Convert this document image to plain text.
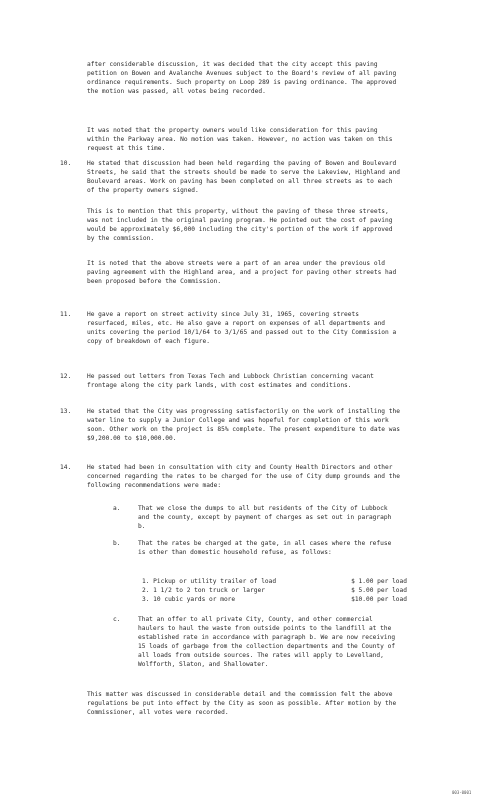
after considerable discussion, it was decided that the city accept this paving petition on Bowen and Avalanche Avenues subject to the Board's review of all paving ordinance requirements. Such property on Loop 289 is paving ordinance. The approved the motion was passed, all votes being recorded.

It was noted that the property owners would like consideration for this paving within the Parkway area. No motion was taken. However, no action was taken on this request at this time.

10.	He stated that discussion had been held regarding the paving of Bowen and Boulevard Streets, he said that the streets should be made to serve the Lakeview, Highland and Boulevard areas. Work on paving has been completed on all three streets as to each of the property owners signed.

This is to mention that this property, without the paving of these three streets, was not included in the original paving program. He pointed out the cost of paving would be approximately $6,000 including the city's portion of the work if approved by the commission.

It is noted that the above streets were a part of an area under the previous old paving agreement with the Highland area, and a project for paving other streets had been proposed before the Commission.

11.	He gave a report on street activity since July 31, 1965, covering streets resurfaced, miles, etc. He also gave a report on expenses of all departments and units covering the period 10/1/64 to 3/1/65 and passed out to the City Commission a copy of breakdown of each figure.

12.	He passed out letters from Texas Tech and Lubbock Christian concerning vacant frontage along the city park lands, with cost estimates and conditions.

13.	He stated that the City was progressing satisfactorily on the work of installing the water line to supply a Junior College and was hopeful for completion of this work soon. Other work on the project is 85% complete. The present expenditure to date was $9,200.00 to $10,000.00.

14.	He stated had been in consultation with city and County Health Directors and other concerned regarding the rates to be charged for the use of City dump grounds and the following recommendations were made:

a.	That we close the dumps to all but residents of the City of Lubbock and the county, except by payment of charges as set out in paragraph b.

b.	That the rates be charged at the gate, in all cases where the refuse is other than domestic household refuse, as follows:

1. Pickup or utility trailer of load	$ 1.00 per load
2. 1 1/2 to 2 ton truck or larger	$ 5.00 per load
3. 10 cubic yards or more	$10.00 per load
c.	That an offer to all private City, County, and other commercial haulers to haul the waste from outside points to the landfill at the established rate in accordance with paragraph b. We are now receiving 15 loads of garbage from the collection departments and the County of all loads from outside sources. The rates will apply to Levelland, Wolfforth, Slaton, and Shallowater.

This matter was discussed in considerable detail and the commission felt the above regulations be put into effect by the City as soon as possible. After motion by the Commissioner, all votes were recorded.

003-0001
